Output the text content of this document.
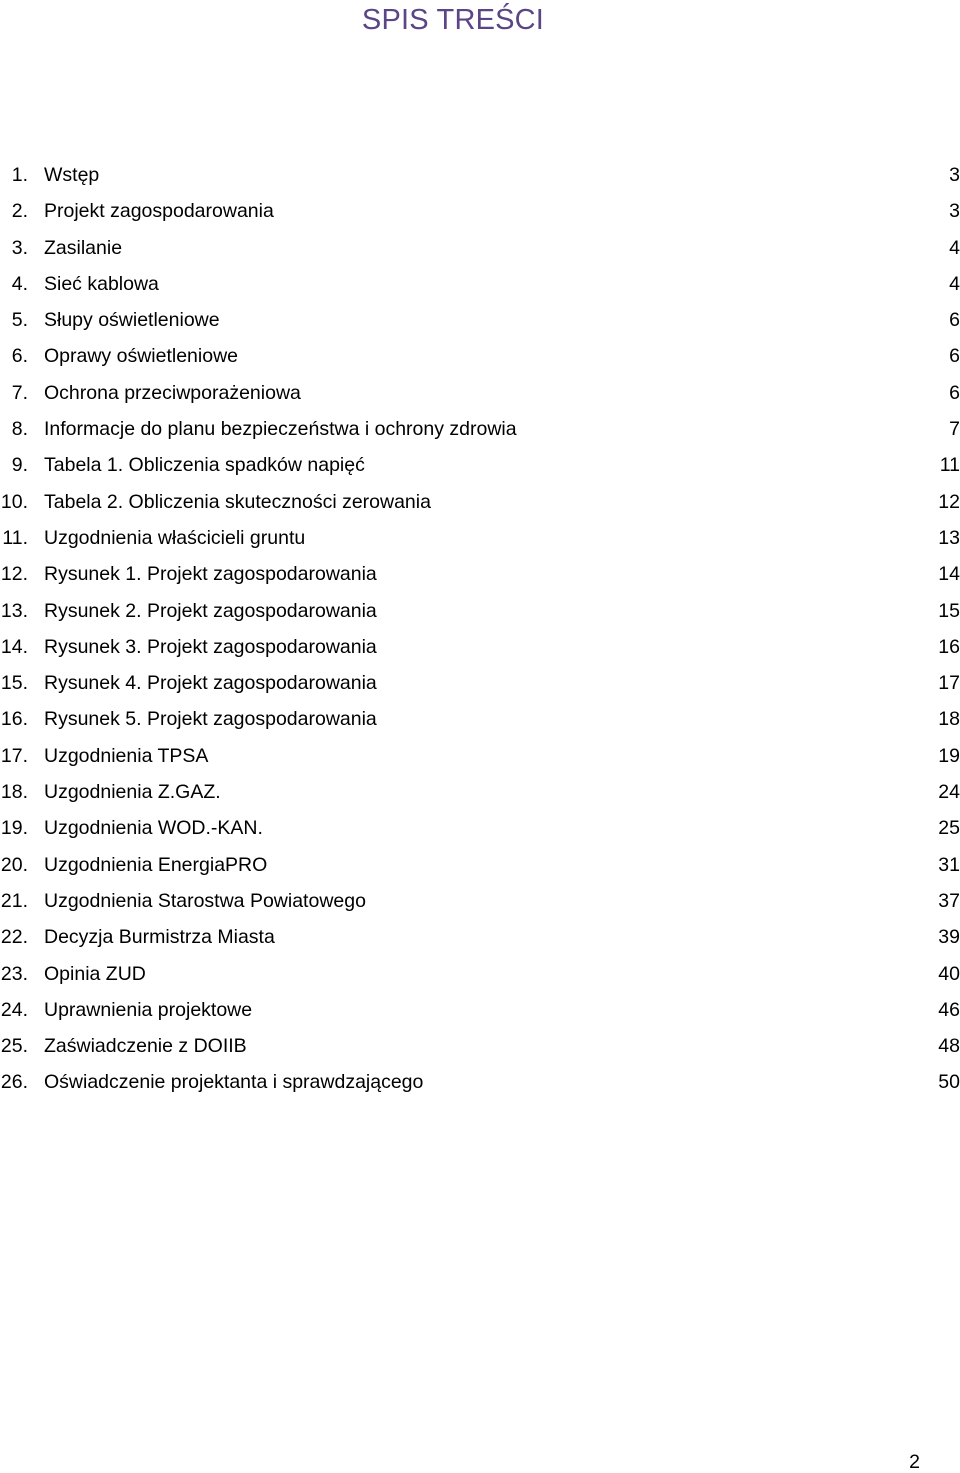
SPIS TREŚCI
1. Wstęp	3
2. Projekt zagospodarowania	3
3. Zasilanie	4
4. Sieć kablowa	4
5. Słupy oświetleniowe	6
6. Oprawy oświetleniowe	6
7. Ochrona przeciwporażeniowa	6
8. Informacje do planu bezpieczeństwa i ochrony zdrowia	7
9. Tabela 1. Obliczenia spadków napięć	11
10. Tabela 2. Obliczenia skuteczności zerowania	12
11. Uzgodnienia właścicieli gruntu	13
12. Rysunek 1. Projekt zagospodarowania	14
13. Rysunek 2. Projekt zagospodarowania	15
14. Rysunek 3. Projekt zagospodarowania	16
15. Rysunek 4. Projekt zagospodarowania	17
16. Rysunek 5. Projekt zagospodarowania	18
17. Uzgodnienia TPSA	19
18. Uzgodnienia Z.GAZ.	24
19. Uzgodnienia WOD.-KAN.	25
20. Uzgodnienia EnergiaPRO	31
21. Uzgodnienia Starostwa Powiatowego	37
22. Decyzja Burmistrza Miasta	39
23. Opinia ZUD	40
24. Uprawnienia projektowe	46
25. Zaświadczenie z DOIIB	48
26. Oświadczenie projektanta i sprawdzającego	50
2
